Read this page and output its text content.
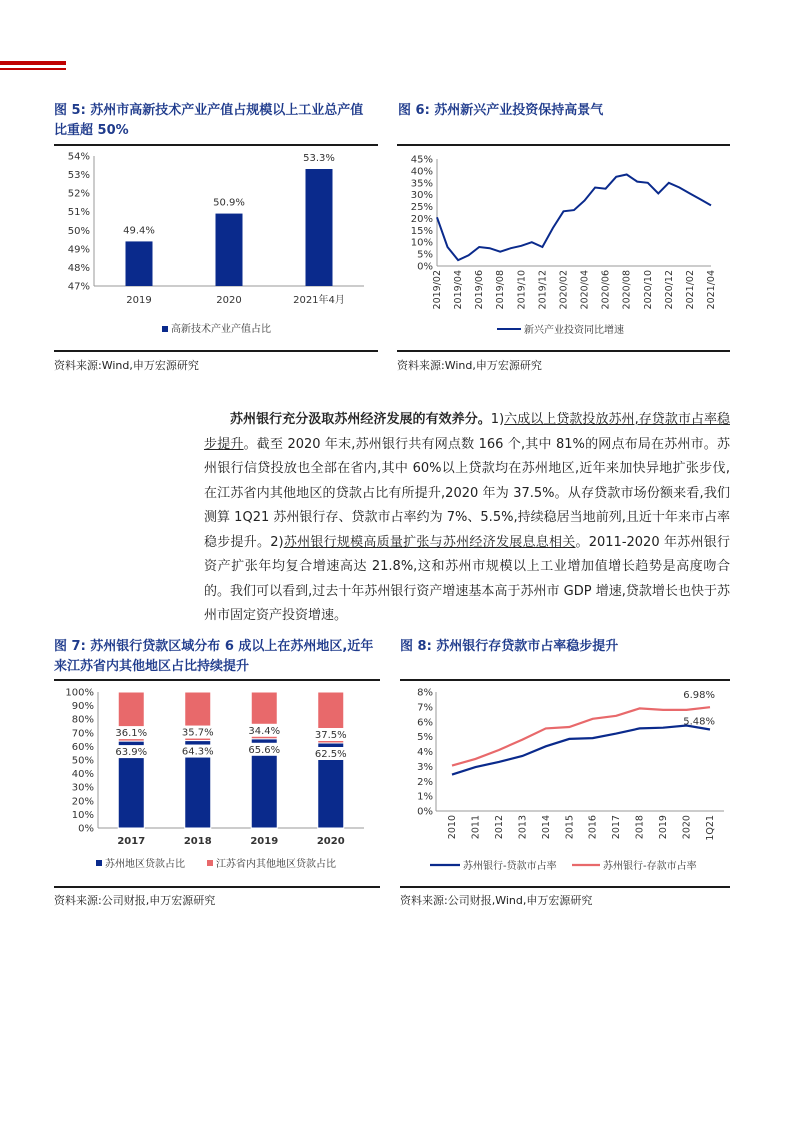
图 5: 苏州市高新技术产业产值占规模以上工业总产值比重超 50%
47%
48%
49%
50%
51%
52%
53%
54%
49.4%
2019
50.9%
2020
53.3%
2021年4月
高新技术产业产值占比
资料来源:Wind,申万宏源研究
图 6: 苏州新兴产业投资保持高景气
0%
5%
10%
15%
20%
25%
30%
35%
40%
45%
2019/02 2019/04 2019/06 2019/08 2019/10 2019/12 2020/02 2020/04 2020/06 2020/08 2020/10 2020/12 2021/02 2021/04
新兴产业投资同比增速
资料来源:Wind,申万宏源研究
苏州银行充分汲取苏州经济发展的有效养分。1)六成以上贷款投放苏州,存贷款市占率稳步提升。截至 2020 年末,苏州银行共有网点数 166 个,其中 81%的网点布局在苏州市。苏州银行信贷投放也全部在省内,其中 60%以上贷款均在苏州地区,近年来加快异地扩张步伐,在江苏省内其他地区的贷款占比有所提升,2020 年为 37.5%。从存贷款市场份额来看,我们测算 1Q21 苏州银行存、贷款市占率约为 7%、5.5%,持续稳居当地前列,且近十年来市占率稳步提升。2)苏州银行规模高质量扩张与苏州经济发展息息相关。2011-2020 年苏州银行资产扩张年均复合增速高达 21.8%,这和苏州市规模以上工业增加值增长趋势是高度吻合的。我们可以看到,过去十年苏州银行资产增速基本高于苏州市 GDP 增速,贷款增长也快于苏州市固定资产投资增速。
图 7: 苏州银行贷款区域分布 6 成以上在苏州地区,近年来江苏省内其他地区占比持续提升
0%
10%
20%
30%
40%
50%
60%
70%
80%
90%
100%
63.9%
36.1%
2017
64.3%
35.7%
2018
65.6%
34.4%
2019
62.5%
37.5%
2020
苏州地区贷款占比	江苏省内其他地区贷款占比
资料来源:公司财报,申万宏源研究
图 8: 苏州银行存贷款市占率稳步提升
0%
1%
2%
3%
4%
5%
6%
7%
8%
5.48%
6.98%
2010 2011 2012 2013 2014 2015 2016 2017 2018 2019 2020 1Q21
苏州银行-贷款市占率	苏州银行-存款市占率
资料来源:公司财报,Wind,申万宏源研究
